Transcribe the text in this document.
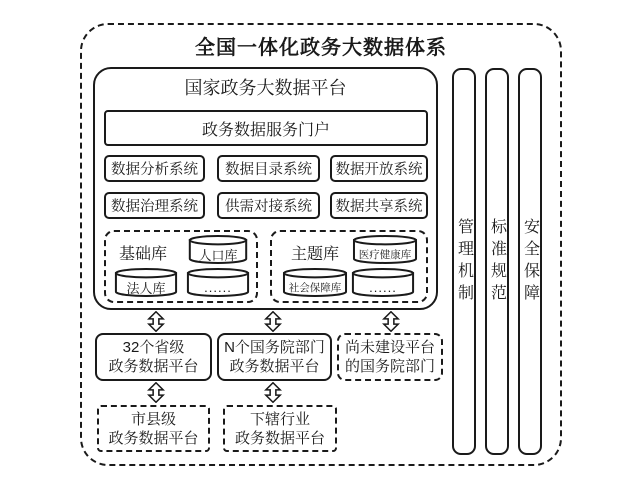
全国一体化政务大数据体系
国家政务大数据平台
政务数据服务门户
数据分析系统 数据目录系统 数据开放系统
数据治理系统 供需对接系统 数据共享系统
基础库	主题库
人口库
法人库	......
医疗健康库
社会保障库	......
32个省级
政务数据平台
N个国务院部门
政务数据平台
尚未建设平台
的国务院部门
市县级
政务数据平台
下辖行业
政务数据平台
管理机制 标准规范 安全保障
